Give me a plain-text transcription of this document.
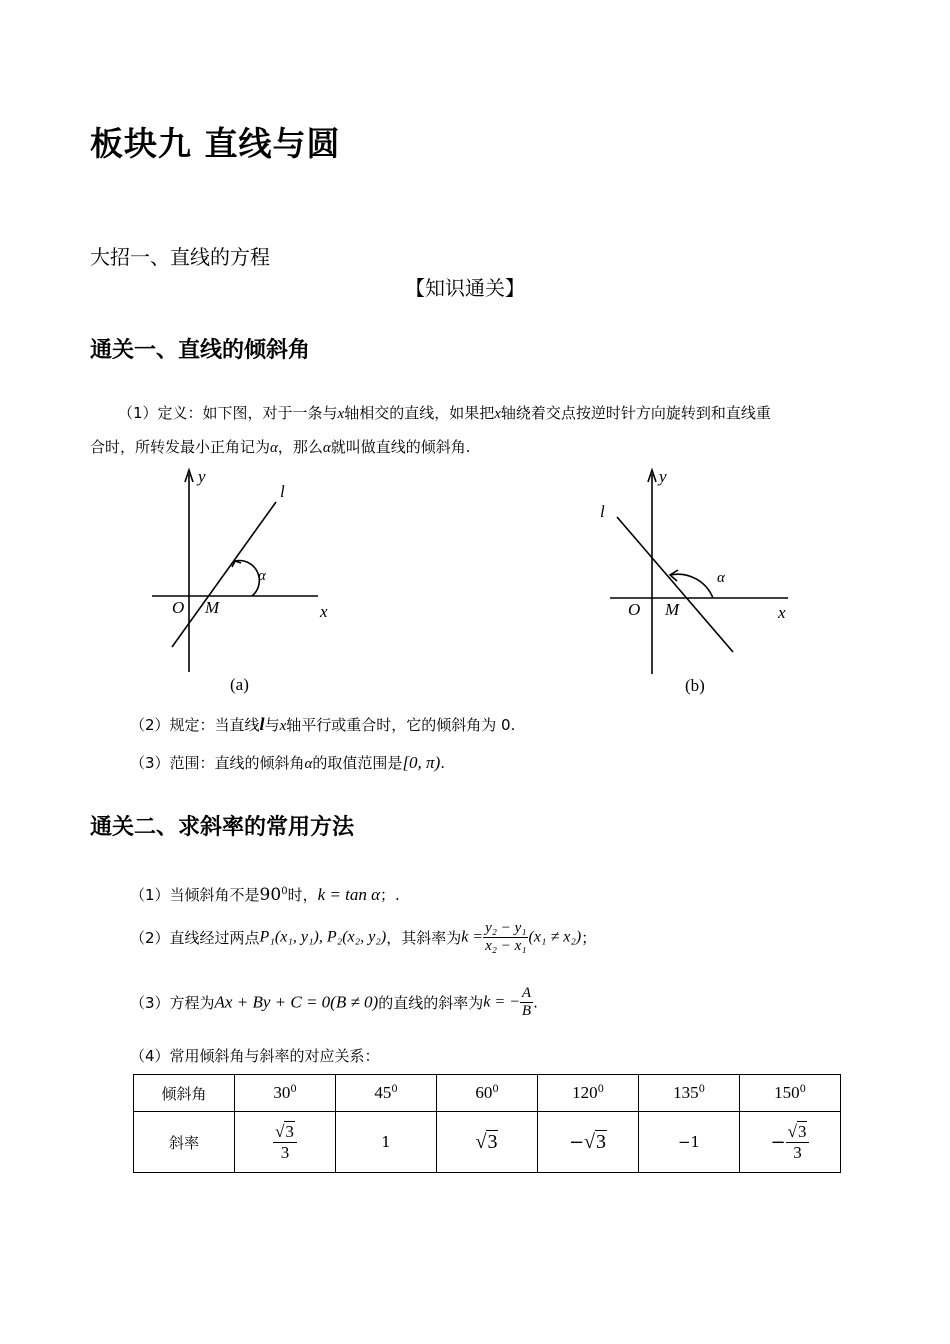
板块九 直线与圆
大招一、直线的方程
【知识通关】
通关一、直线的倾斜角
（1）定义：如下图，对于一条与x轴相交的直线，如果把x轴绕着交点按逆时针方向旋转到和直线重
合时，所转发最小正角记为α，那么α就叫做直线的倾斜角.
y
l
α
O M	x
(a)
y
l
α
O M	x
(b)
（2）规定：当直线l与x轴平行或重合时，它的倾斜角为 0.
（3）范围：直线的倾斜角α的取值范围是[0, π).
通关二、求斜率的常用方法
（1）当倾斜角不是$90^0$时，k = tan α；.
（2）直线经过两点P₁(x₁, y₁), P₂(x₂, y₂)，其斜率为$k = \frac{\text{y₂ − y₁}}{\text{x₂ − x₁}} (x_1 \ne x_2)$；
（3）方程为Ax + By + C = 0(B ≠ 0)的直线的斜率为k = − $\frac{A}{B}$ .
（4）常用倾斜角与斜率的对应关系：
倾斜角	$30^0$	$45^0$	$60^0$	$120^0$	$135^0$	$150^0$
斜率	$\frac{√3}{3}$	1	√3	−√3	−1	− $\frac{√3}{3}$
